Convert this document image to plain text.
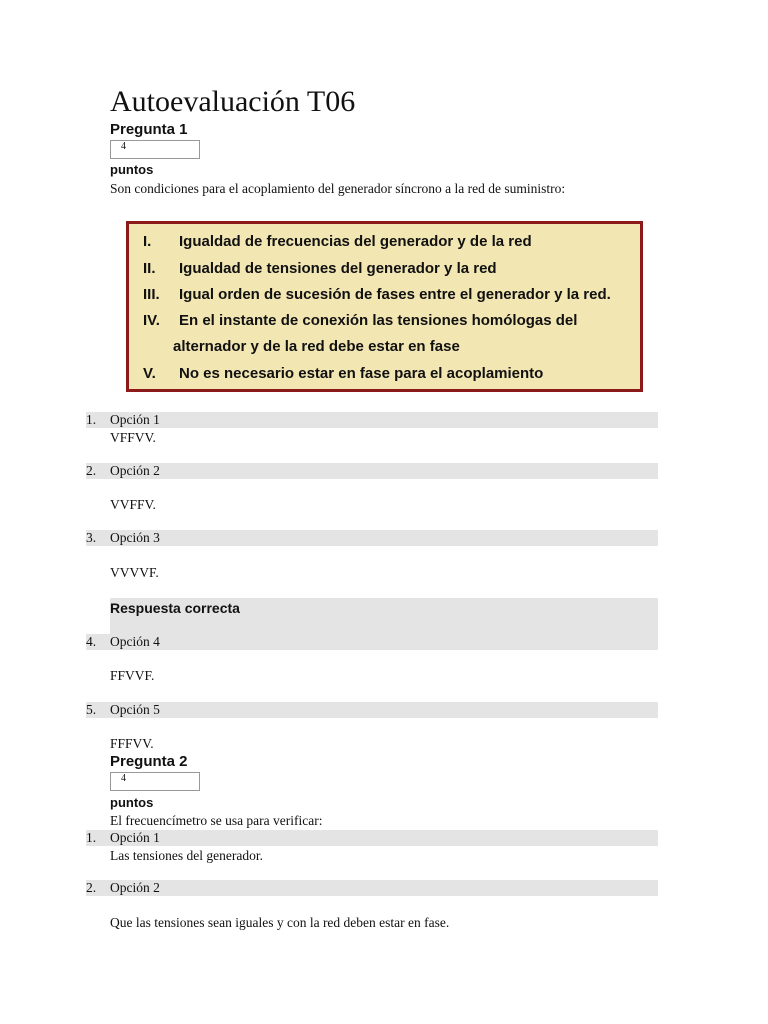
Autoevaluación T06
Pregunta 1
4
puntos
Son condiciones para el acoplamiento del generador síncrono a la red de suministro:
I. Igualdad de frecuencias del generador y de la red
II. Igualdad de tensiones del generador y la red
III. Igual orden de sucesión de fases entre el generador y la red.
IV. En el instante de conexión las tensiones homólogas del
alternador y de la red debe estar en fase
V. No es necesario estar en fase para el acoplamiento
1. Opción 1
VFFVV.
2. Opción 2
VVFFV.
3. Opción 3
VVVVF.
Respuesta correcta
4. Opción 4
FFVVF.
5. Opción 5
FFFVV.
Pregunta 2
4
puntos
El frecuencímetro se usa para verificar:
1. Opción 1
Las tensiones del generador.
2. Opción 2
Que las tensiones sean iguales y con la red deben estar en fase.
